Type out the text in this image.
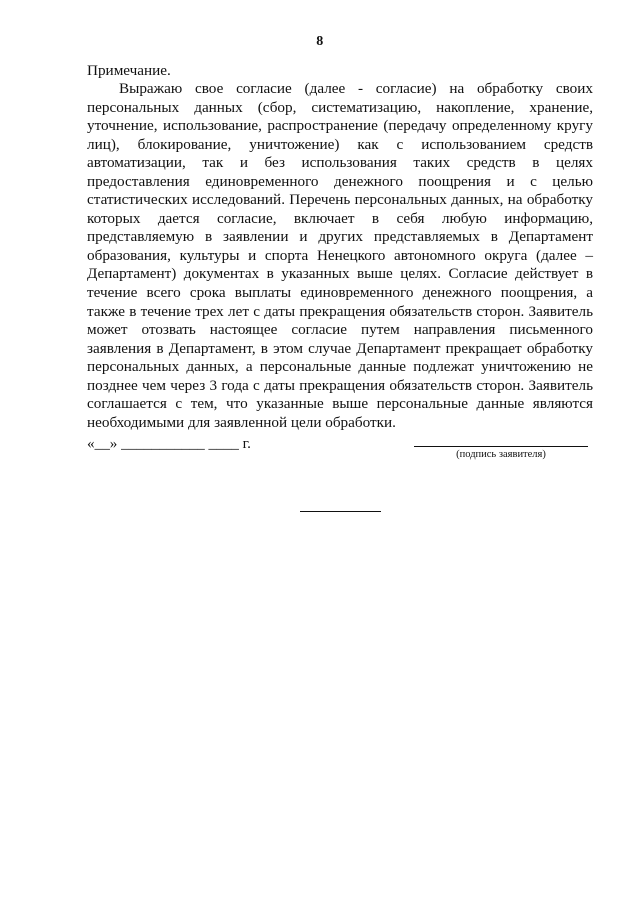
8
Примечание.

Выражаю свое согласие (далее - согласие) на обработку своих персональных данных (сбор, систематизацию, накопление, хранение, уточнение, использование, распространение (передачу определенному кругу лиц), блокирование, уничтожение) как с использованием средств автоматизации, так и без использования таких средств в целях предоставления единовременного денежного поощрения и с целью статистических исследований. Перечень персональных данных, на обработку которых дается согласие, включает в себя любую информацию, представляемую в заявлении и других представляемых в Департамент образования, культуры и спорта Ненецкого автономного округа (далее – Департамент) документах в указанных выше целях. Согласие действует в течение всего срока выплаты единовременного денежного поощрения, а также в течение трех лет с даты прекращения обязательств сторон. Заявитель может отозвать настоящее согласие путем направления письменного заявления в Департамент, в этом случае Департамент прекращает обработку персональных данных, а персональные данные подлежат уничтожению не позднее чем через 3 года с даты прекращения обязательств сторон. Заявитель соглашается с тем, что указанные выше персональные данные являются необходимыми для заявленной цели обработки.

«__» ___________ ____ г.
(подпись заявителя)
